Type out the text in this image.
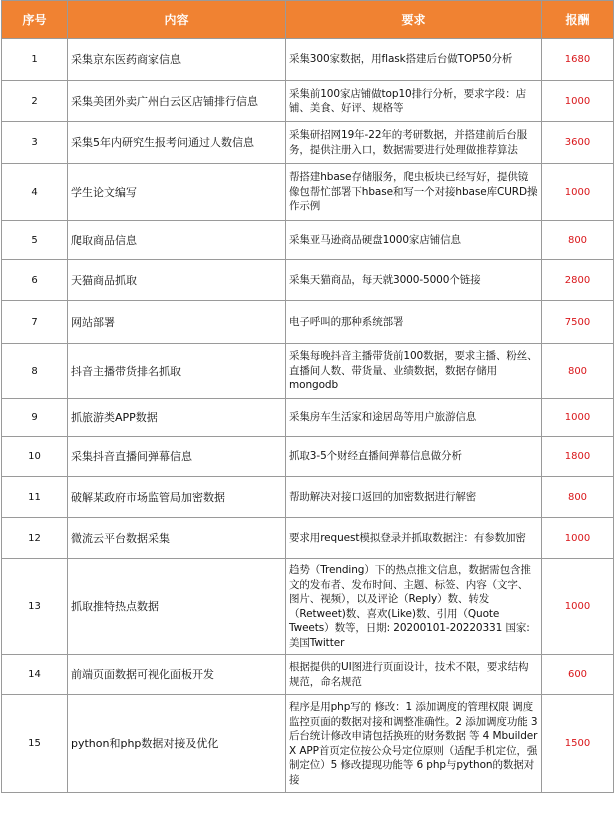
序号	内容	要求	报酬
1	采集京东医药商家信息	采集300家数据，用flask搭建后台做TOP50分析	1680
2	采集美团外卖广州白云区店铺排行信息	采集前100家店铺做top10排行分析，要求字段：店铺、美食、好评、规格等	1000
3	采集5年内研究生报考问通过人数信息	采集研招网19年-22年的考研数据，并搭建前后台服务，提供注册入口，数据需要进行处理做推荐算法	3600
4	学生论文编写	帮搭建hbase存储服务，爬虫板块已经写好，提供镜像包帮忙部署下hbase和写一个对接hbase库CURD操作示例	1000
5	爬取商品信息	采集亚马逊商品硬盘1000家店铺信息	800
6	天猫商品抓取	采集天猫商品，每天就3000-5000个链接	2800
7	网站部署	电子呼叫的那种系统部署	7500
8	抖音主播带货排名抓取	采集每晚抖音主播带货前100数据，要求主播、粉丝、直播间人数、带货量、业绩数据，数据存储用mongodb	800
9	抓旅游类APP数据	采集房车生活家和途居岛等用户旅游信息	1000
10	采集抖音直播间弹幕信息	抓取3-5个财经直播间弹幕信息做分析	1800
11	破解某政府市场监管局加密数据	帮助解决对接口返回的加密数据进行解密	800
12	微流云平台数据采集	要求用request模拟登录并抓取数据注：有参数加密	1000
13	抓取推特热点数据	趋势（Trending）下的热点推文信息，数据需包含推文的发布者、发布时间、主题、标签、内容（文字、图片、视频），以及评论（Reply）数、转发（Retweet)数、喜欢(Like)数、引用（Quote Tweets）数等，日期: 20200101-20220331 国家: 美国Twitter	1000
14	前端页面数据可视化面板开发	根据提供的UI图进行页面设计，技术不限，要求结构规范，命名规范	600
15	python和php数据对接及优化	程序是用php写的 修改：1 添加调度的管理权限 调度监控页面的数据对接和调整准确性。2 添加调度功能 3 后台统计修改申请包括换班的财务数据 等 4 Mbuilder X APP首页定位按公众号定位原则（适配手机定位，强制定位）5 修改提现功能等 6 php与python的数据对接	1500
